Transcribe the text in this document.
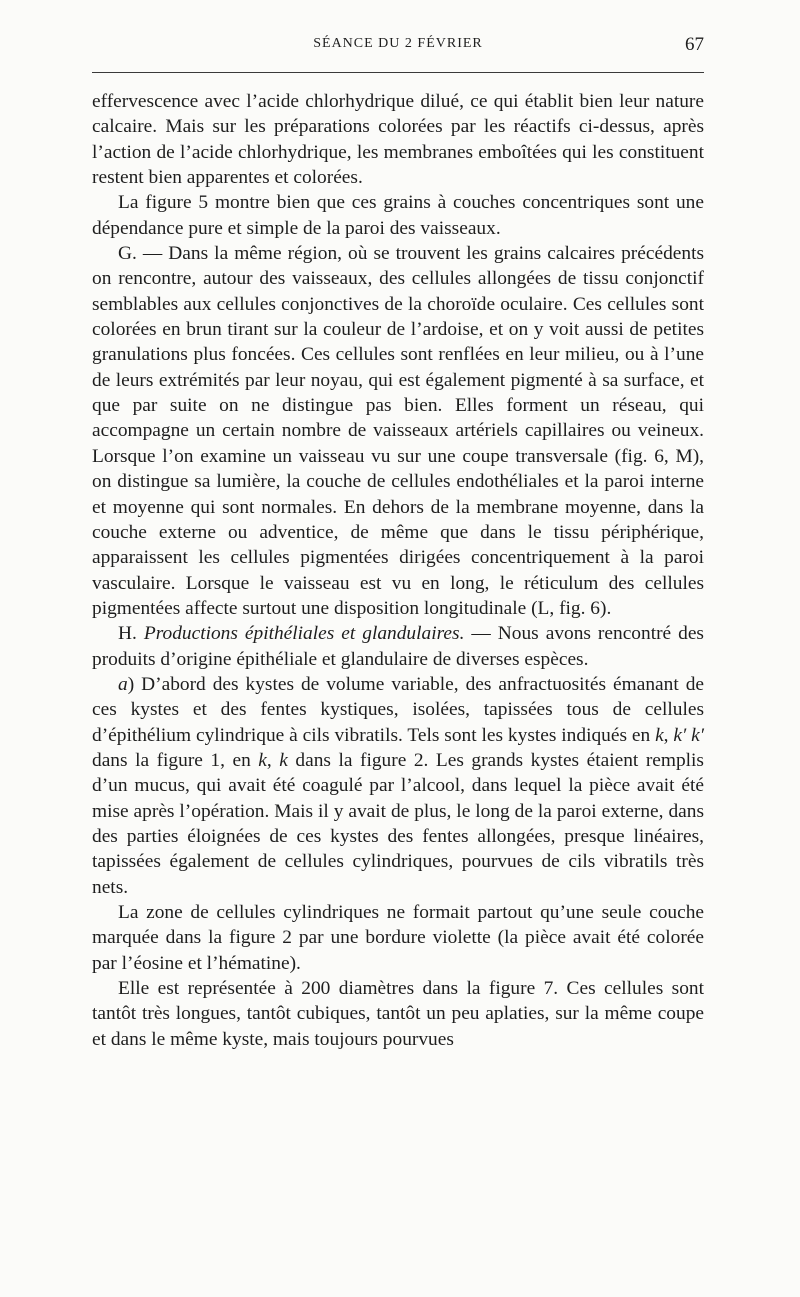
SÉANCE DU 2 FÉVRIER	67

effervescence avec l’acide chlorhydrique dilué, ce qui établit bien leur nature calcaire. Mais sur les préparations colorées par les réactifs ci-dessus, après l’action de l’acide chlorhydrique, les membranes emboîtées qui les constituent restent bien apparentes et colorées.

La figure 5 montre bien que ces grains à couches concentriques sont une dépendance pure et simple de la paroi des vaisseaux.

G. — Dans la même région, où se trouvent les grains calcaires précédents on rencontre, autour des vaisseaux, des cellules allongées de tissu conjonctif semblables aux cellules conjonctives de la choroïde oculaire. Ces cellules sont colorées en brun tirant sur la couleur de l’ardoise, et on y voit aussi de petites granulations plus foncées. Ces cellules sont renflées en leur milieu, ou à l’une de leurs extrémités par leur noyau, qui est également pigmenté à sa surface, et que par suite on ne distingue pas bien. Elles forment un réseau, qui accompagne un certain nombre de vaisseaux artériels capillaires ou veineux. Lorsque l’on examine un vaisseau vu sur une coupe transversale (fig. 6, M), on distingue sa lumière, la couche de cellules endothéliales et la paroi interne et moyenne qui sont normales. En dehors de la membrane moyenne, dans la couche externe ou adventice, de même que dans le tissu périphérique, apparaissent les cellules pigmentées dirigées concentriquement à la paroi vasculaire. Lorsque le vaisseau est vu en long, le réticulum des cellules pigmentées affecte surtout une disposition longitudinale (L, fig. 6).

H. Productions épithéliales et glandulaires. — Nous avons rencontré des produits d’origine épithéliale et glandulaire de diverses espèces.

a) D’abord des kystes de volume variable, des anfractuosités émanant de ces kystes et des fentes kystiques, isolées, tapissées tous de cellules d’épithélium cylindrique à cils vibratils. Tels sont les kystes indiqués en k, k′ k′ dans la figure 1, en k, k dans la figure 2. Les grands kystes étaient remplis d’un mucus, qui avait été coagulé par l’alcool, dans lequel la pièce avait été mise après l’opération. Mais il y avait de plus, le long de la paroi externe, dans des parties éloignées de ces kystes des fentes allongées, presque linéaires, tapissées également de cellules cylindriques, pourvues de cils vibratils très nets.

La zone de cellules cylindriques ne formait partout qu’une seule couche marquée dans la figure 2 par une bordure violette (la pièce avait été colorée par l’éosine et l’hématine).

Elle est représentée à 200 diamètres dans la figure 7. Ces cellules sont tantôt très longues, tantôt cubiques, tantôt un peu aplaties, sur la même coupe et dans le même kyste, mais toujours pourvues
